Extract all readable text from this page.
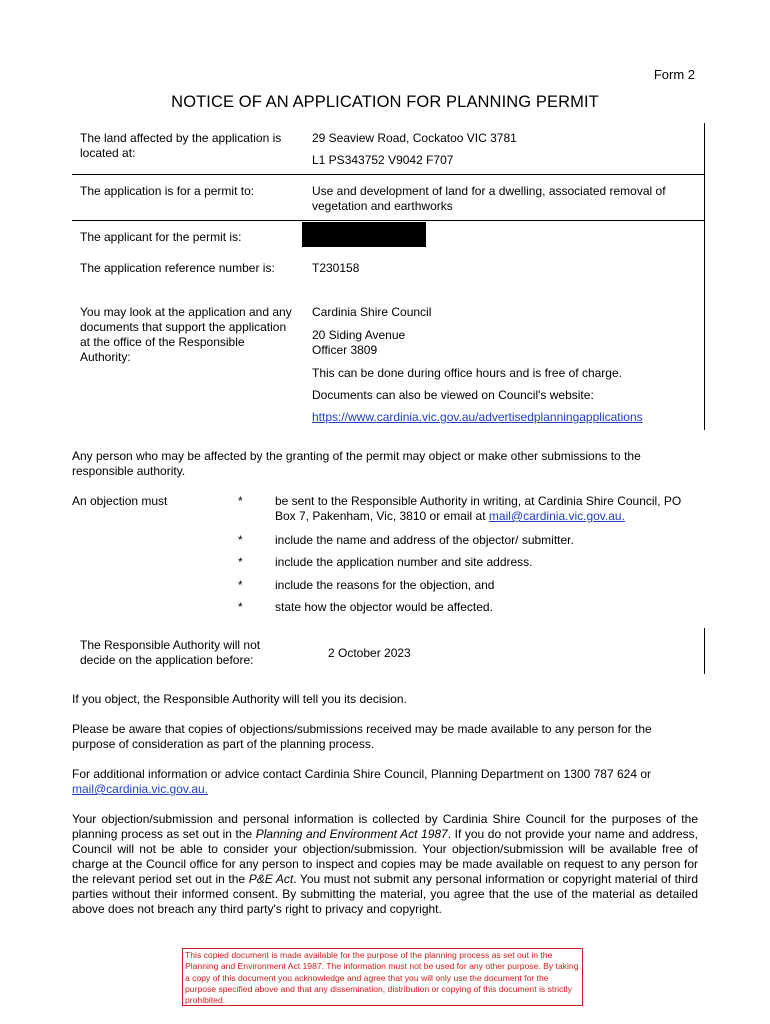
Form 2
NOTICE OF AN APPLICATION FOR PLANNING PERMIT
The land affected by the application is located at:
29 Seaview Road, Cockatoo VIC 3781
L1 PS343752 V9042 F707
The application is for a permit to:	Use and development of land for a dwelling, associated removal of vegetation and earthworks
The applicant for the permit is:
The application reference number is:	T230158
You may look at the application and any documents that support the application at the office of the Responsible Authority:
Cardinia Shire Council
20 Siding Avenue
Officer 3809
This can be done during office hours and is free of charge.
Documents can also be viewed on Council's website:
https://www.cardinia.vic.gov.au/advertisedplanningapplications
Any person who may be affected by the granting of the permit may object or make other submissions to the responsible authority.
An objection must	*	be sent to the Responsible Authority in writing, at Cardinia Shire Council, PO Box 7, Pakenham, Vic, 3810 or email at mail@cardinia.vic.gov.au.
*	include the name and address of the objector/ submitter.
*	include the application number and site address.
*	include the reasons for the objection, and
*	state how the objector would be affected.
The Responsible Authority will not decide on the application before:	2 October 2023
If you object, the Responsible Authority will tell you its decision.
Please be aware that copies of objections/submissions received may be made available to any person for the purpose of consideration as part of the planning process.
For additional information or advice contact Cardinia Shire Council, Planning Department on 1300 787 624 or mail@cardinia.vic.gov.au.
Your objection/submission and personal information is collected by Cardinia Shire Council for the purposes of the planning process as set out in the Planning and Environment Act 1987. If you do not provide your name and address, Council will not be able to consider your objection/submission. Your objection/submission will be available free of charge at the Council office for any person to inspect and copies may be made available on request to any person for the relevant period set out in the P&E Act. You must not submit any personal information or copyright material of third parties without their informed consent. By submitting the material, you agree that the use of the material as detailed above does not breach any third party's right to privacy and copyright.
This copied document is made available for the purpose of the planning process as set out in the Planning and Environment Act 1987. The information must not be used for any other purpose. By taking a copy of this document you acknowledge and agree that you will only use the document for the purpose specified above and that any dissemination, distribution or copying of this document is strictly prohibited.
